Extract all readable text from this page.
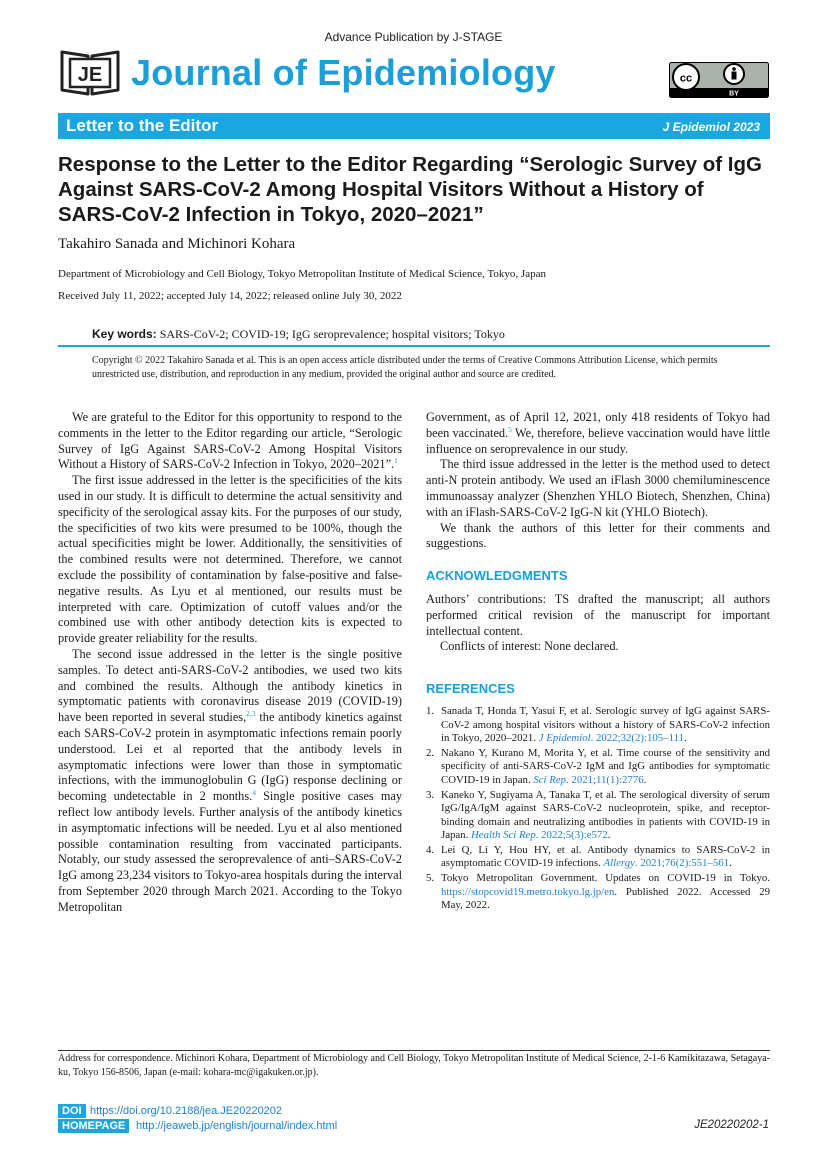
Advance Publication by J-STAGE
JE Journal of Epidemiology	cc
BY
Letter to the Editor	J Epidemiol 2023
Response to the Letter to the Editor Regarding “Serologic Survey of IgG Against SARS-CoV-2 Among Hospital Visitors Without a History of SARS-CoV-2 Infection in Tokyo, 2020–2021”
Takahiro Sanada and Michinori Kohara
Department of Microbiology and Cell Biology, Tokyo Metropolitan Institute of Medical Science, Tokyo, Japan
Received July 11, 2022; accepted July 14, 2022; released online July 30, 2022
Key words: SARS-CoV-2; COVID-19; IgG seroprevalence; hospital visitors; Tokyo
Copyright © 2022 Takahiro Sanada et al. This is an open access article distributed under the terms of Creative Commons Attribution License, which permits unrestricted use, distribution, and reproduction in any medium, provided the original author and source are credited.

We are grateful to the Editor for this opportunity to respond to the comments in the letter to the Editor regarding our article, “Serologic Survey of IgG Against SARS-CoV-2 Among Hospital Visitors Without a History of SARS-CoV-2 Infection in Tokyo, 2020–2021”.$^1$

The first issue addressed in the letter is the specificities of the kits used in our study. It is difficult to determine the actual sensitivity and specificity of the serological assay kits. For the purposes of our study, the specificities of two kits were presumed to be 100%, though the actual specificities might be lower. Additionally, the sensitivities of the combined results were not determined. Therefore, we cannot exclude the possibility of contamination by false-positive and false-negative results. As Lyu et al mentioned, our results must be interpreted with care. Optimization of cutoff values and/or the combined use with other antibody detection kits is expected to provide greater reliability for the results.

The second issue addressed in the letter is the single positive samples. To detect anti-SARS-CoV-2 antibodies, we used two kits and combined the results. Although the antibody kinetics in symptomatic patients with coronavirus disease 2019 (COVID-19) have been reported in several studies,$^{2,3}$ the antibody kinetics against each SARS-CoV-2 protein in asymptomatic infections remain poorly understood. Lei et al reported that the antibody levels in asymptomatic infections were lower than those in symptomatic infections, with the immunoglobulin G (IgG) response declining or becoming undetectable in 2 months.$^4$ Single positive cases may reflect low antibody levels. Further analysis of the antibody kinetics in asymptomatic infections will be needed. Lyu et al also mentioned possible contamination resulting from vaccinated participants. Notably, our study assessed the seroprevalence of anti–SARS-CoV-2 IgG among 23,234 visitors to Tokyo-area hospitals during the interval from September 2020 through March 2021. According to the Tokyo Metropolitan

Government, as of April 12, 2021, only 418 residents of Tokyo had been vaccinated.$^5$ We, therefore, believe vaccination would have little influence on seroprevalence in our study.

The third issue addressed in the letter is the method used to detect anti-N protein antibody. We used an iFlash 3000 chemiluminescence immunoassay analyzer (Shenzhen YHLO Biotech, Shenzhen, China) with an iFlash-SARS-CoV-2 IgG-N kit (YHLO Biotech).

We thank the authors of this letter for their comments and suggestions.

ACKNOWLEDGMENTS

Authors’ contributions: TS drafted the manuscript; all authors performed critical revision of the manuscript for important intellectual content.

Conflicts of interest: None declared.

REFERENCES
1. Sanada T, Honda T, Yasui F, et al. Serologic survey of IgG against SARS-CoV-2 among hospital visitors without a history of SARS-CoV-2 infection in Tokyo, 2020–2021. J Epidemiol. 2022;32(2):105–111.
2. Nakano Y, Kurano M, Morita Y, et al. Time course of the sensitivity and specificity of anti-SARS-CoV-2 IgM and IgG antibodies for symptomatic COVID-19 in Japan. Sci Rep. 2021;11(1):2776.
3. Kaneko Y, Sugiyama A, Tanaka T, et al. The serological diversity of serum IgG/IgA/IgM against SARS-CoV-2 nucleoprotein, spike, and receptor-binding domain and neutralizing antibodies in patients with COVID-19 in Japan. Health Sci Rep. 2022;5(3):e572.
4. Lei Q, Li Y, Hou HY, et al. Antibody dynamics to SARS-CoV-2 in asymptomatic COVID-19 infections. Allergy. 2021;76(2):551–561.
5. Tokyo Metropolitan Government. Updates on COVID-19 in Tokyo. https://stopcovid19.metro.tokyo.lg.jp/en. Published 2022. Accessed 29 May, 2022.
Address for correspondence. Michinori Kohara, Department of Microbiology and Cell Biology, Tokyo Metropolitan Institute of Medical Science, 2-1-6 Kamikitazawa, Setagaya-ku, Tokyo 156-8506, Japan (e-mail: kohara-mc@igakuken.or.jp).
DOI https://doi.org/10.2188/jea.JE20220202
HOMEPAGE http://jeaweb.jp/english/journal/index.html	JE20220202-1
